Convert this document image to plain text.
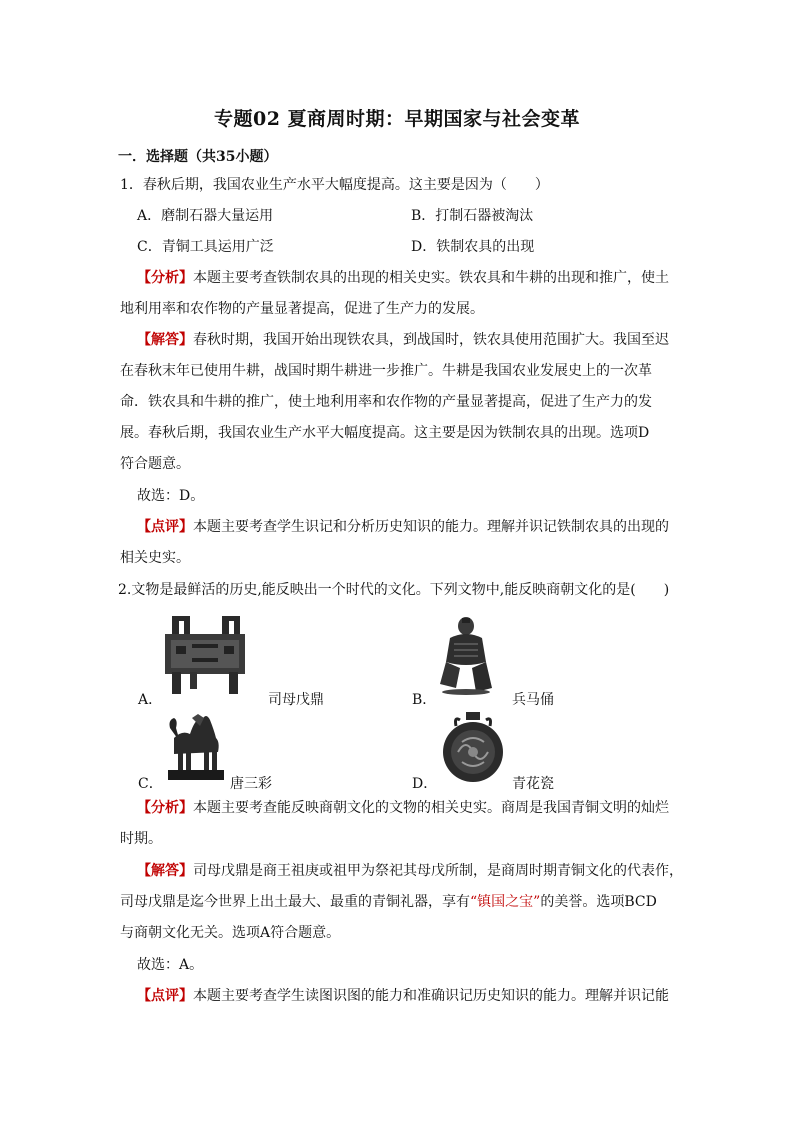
专题02 夏商周时期：早期国家与社会变革
一．选择题（共35小题）
1．春秋后期，我国农业生产水平大幅度提高。这主要是因为（　　）
A．磨制石器大量运用	B．打制石器被淘汰
C．青铜工具运用广泛	D．铁制农具的出现
【分析】本题主要考查铁制农具的出现的相关史实。铁农具和牛耕的出现和推广，使土
地利用率和农作物的产量显著提高，促进了生产力的发展。
【解答】春秋时期，我国开始出现铁农具，到战国时，铁农具使用范围扩大。我国至迟
在春秋末年已使用牛耕，战国时期牛耕进一步推广。牛耕是我国农业发展史上的一次革
命．铁农具和牛耕的推广，使土地利用率和农作物的产量显著提高，促进了生产力的发
展。春秋后期，我国农业生产水平大幅度提高。这主要是因为铁制农具的出现。选项D
符合题意。
故选：D。
【点评】本题主要考查学生识记和分析历史知识的能力。理解并识记铁制农具的出现的
相关史实。
2.文物是最鲜活的历史,能反映出一个时代的文化。下列文物中,能反映商朝文化的是(　　)
A．	司母戊鼎	B．	兵马俑
C．	唐三彩	D．	青花瓷
【分析】本题主要考查能反映商朝文化的文物的相关史实。商周是我国青铜文明的灿烂
时期。
【解答】司母戊鼎是商王祖庚或祖甲为祭祀其母戊所制，是商周时期青铜文化的代表作，
司母戊鼎是迄今世界上出土最大、最重的青铜礼器，享有“镇国之宝”的美誉。选项BCD
与商朝文化无关。选项A符合题意。
故选：A。
【点评】本题主要考查学生读图识图的能力和准确识记历史知识的能力。理解并识记能
